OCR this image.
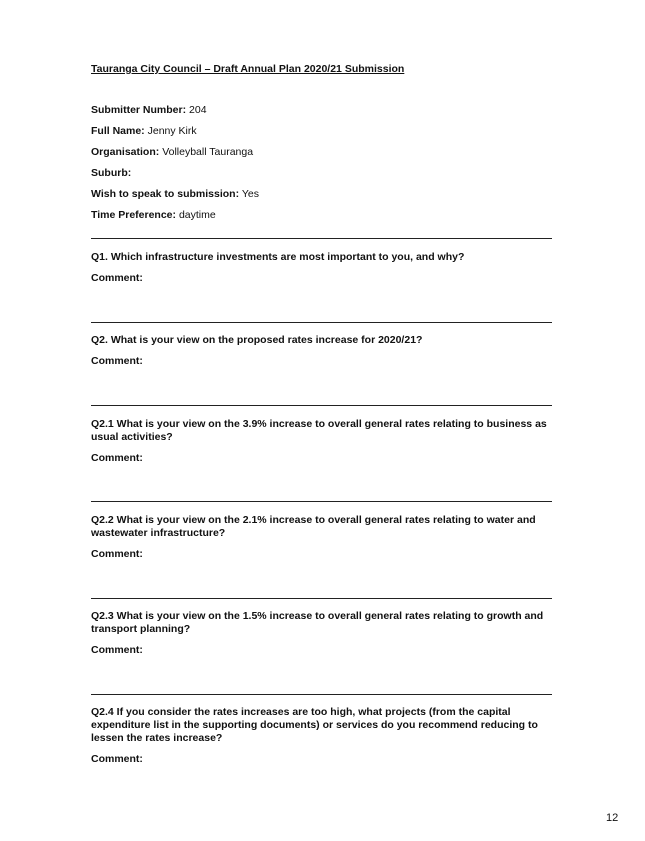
Tauranga City Council – Draft Annual Plan 2020/21 Submission
Submitter Number: 204
Full Name: Jenny Kirk
Organisation: Volleyball Tauranga
Suburb:
Wish to speak to submission: Yes
Time Preference: daytime
Q1. Which infrastructure investments are most important to you, and why?
Comment:
Q2. What is your view on the proposed rates increase for 2020/21?
Comment:
Q2.1 What is your view on the 3.9% increase to overall general rates relating to business as usual activities?
Comment:
Q2.2 What is your view on the 2.1% increase to overall general rates relating to water and wastewater infrastructure?
Comment:
Q2.3 What is your view on the 1.5% increase to overall general rates relating to growth and transport planning?
Comment:
Q2.4 If you consider the rates increases are too high, what projects (from the capital expenditure list in the supporting documents) or services do you recommend reducing to lessen the rates increase?
Comment:
12
